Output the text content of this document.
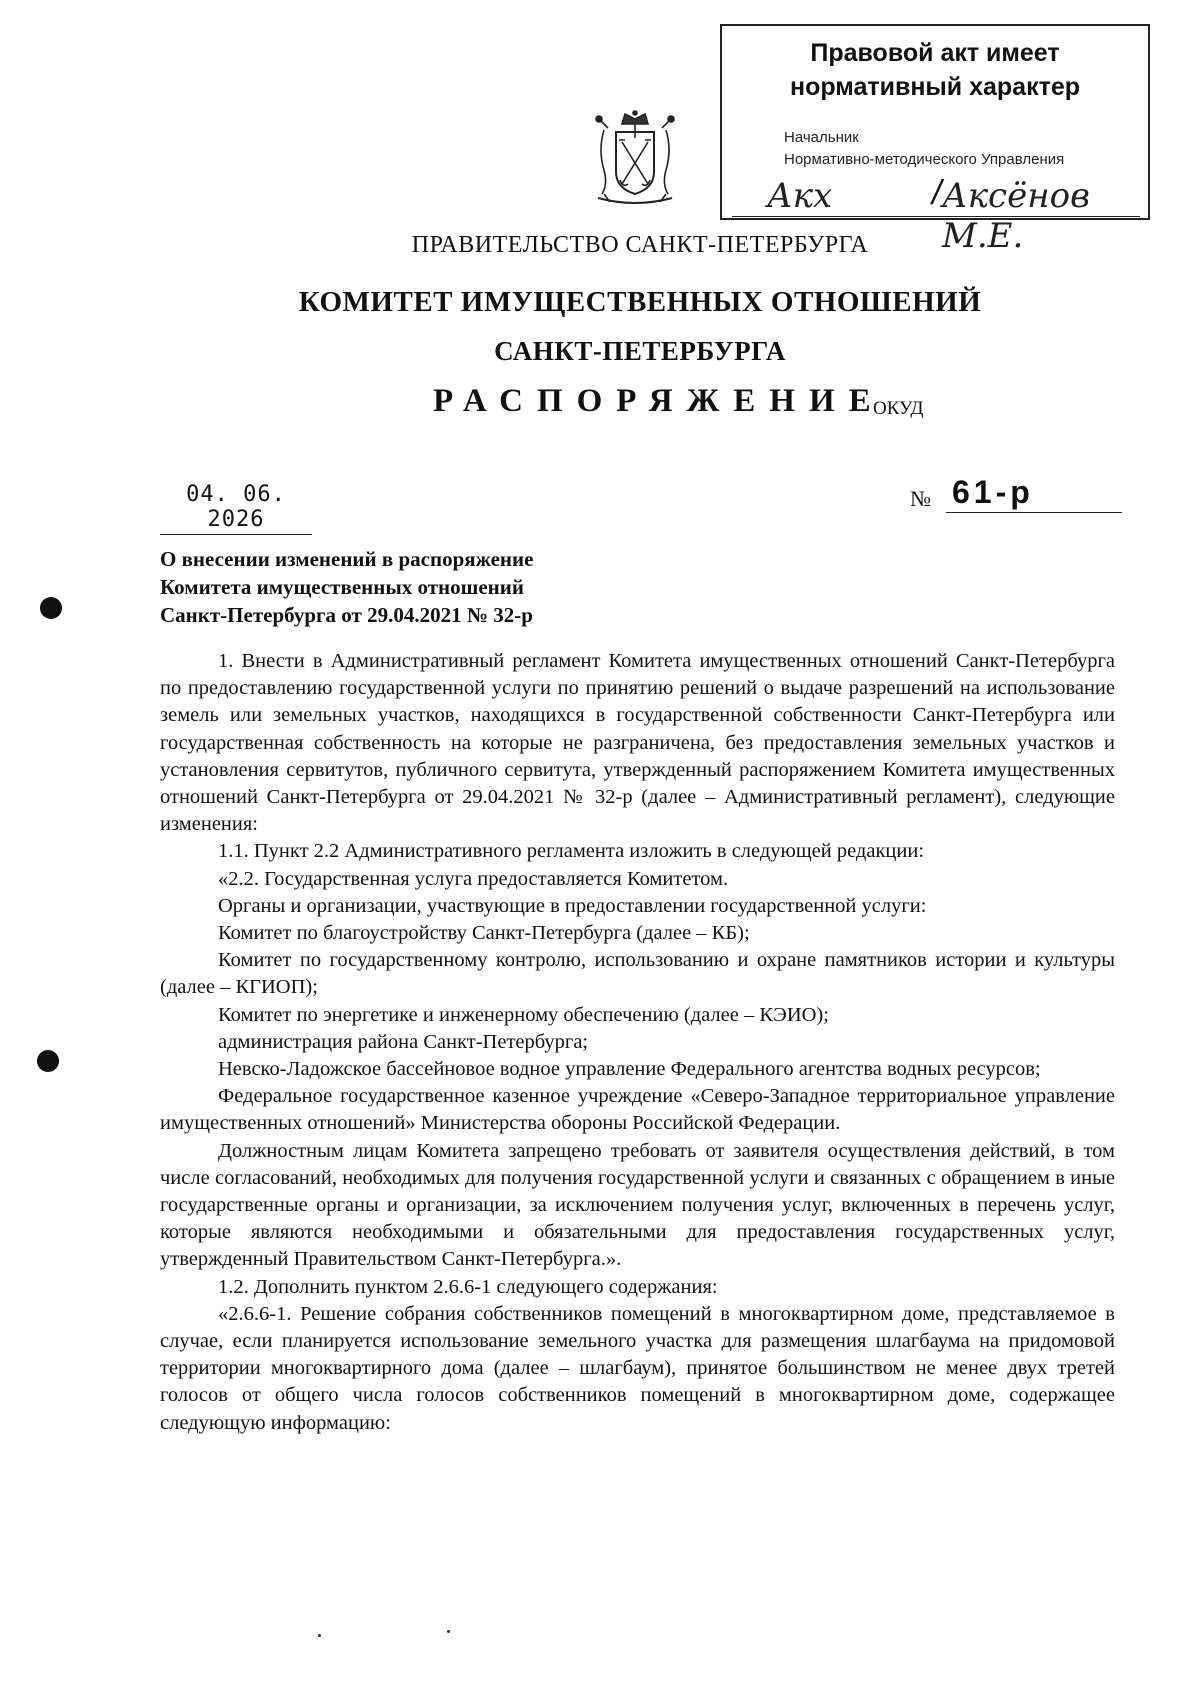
Правовой акт имеет
нормативный характер
Начальник
Нормативно-методического Управления
Акх	/ Аксёнов М.Е.
ПРАВИТЕЛЬСТВО САНКТ-ПЕТЕРБУРГА
КОМИТЕТ ИМУЩЕСТВЕННЫХ ОТНОШЕНИЙ
САНКТ-ПЕТЕРБУРГА
РАСПОРЯЖЕНИЕ
ОКУД
04. 06. 2026
№ 61-р
О внесении изменений в распоряжение
Комитета имущественных отношений
Санкт-Петербурга от 29.04.2021 № 32-р

1. Внести в Административный регламент Комитета имущественных отношений Санкт-Петербурга по предоставлению государственной услуги по принятию решений о выдаче разрешений на использование земель или земельных участков, находящихся в государственной собственности Санкт-Петербурга или государственная собственность на которые не разграничена, без предоставления земельных участков и установления сервитутов, публичного сервитута, утвержденный распоряжением Комитета имущественных отношений Санкт-Петербурга от 29.04.2021 № 32-р (далее – Административный регламент), следующие изменения:

1.1. Пункт 2.2 Административного регламента изложить в следующей редакции:

«2.2. Государственная услуга предоставляется Комитетом.

Органы и организации, участвующие в предоставлении государственной услуги:

Комитет по благоустройству Санкт-Петербурга (далее – КБ);

Комитет по государственному контролю, использованию и охране памятников истории и культуры (далее – КГИОП);

Комитет по энергетике и инженерному обеспечению (далее – КЭИО);

администрация района Санкт-Петербурга;

Невско-Ладожское бассейновое водное управление Федерального агентства водных ресурсов;

Федеральное государственное казенное учреждение «Северо-Западное территориальное управление имущественных отношений» Министерства обороны Российской Федерации.

Должностным лицам Комитета запрещено требовать от заявителя осуществления действий, в том числе согласований, необходимых для получения государственной услуги и связанных с обращением в иные государственные органы и организации, за исключением получения услуг, включенных в перечень услуг, которые являются необходимыми и обязательными для предоставления государственных услуг, утвержденный Правительством Санкт-Петербурга.».

1.2. Дополнить пунктом 2.6.6-1 следующего содержания:

«2.6.6-1. Решение собрания собственников помещений в многоквартирном доме, представляемое в случае, если планируется использование земельного участка для размещения шлагбаума на придомовой территории многоквартирного дома (далее – шлагбаум), принятое большинством не менее двух третей голосов от общего числа голосов собственников помещений в многоквартирном доме, содержащее следующую информацию:
